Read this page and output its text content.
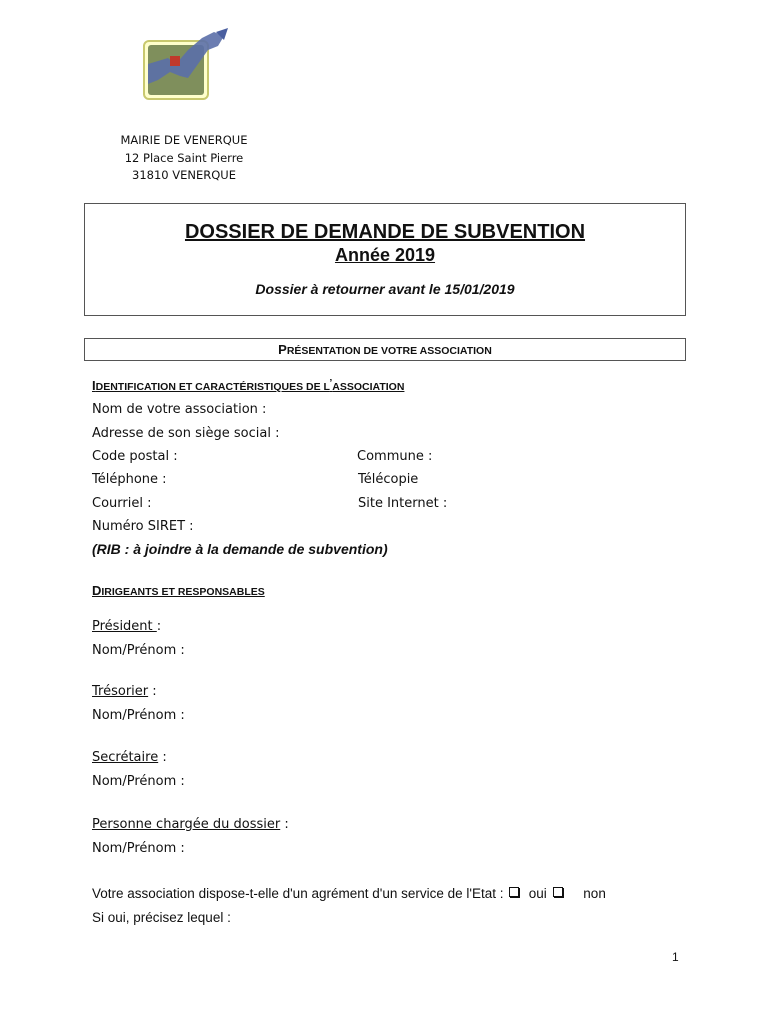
MAIRIE DE VENERQUE
12 Place Saint Pierre
31810 VENERQUE
DOSSIER DE DEMANDE DE SUBVENTION
Année 2019
Dossier à retourner avant le 15/01/2019
PRÉSENTATION DE VOTRE ASSOCIATION
IDENTIFICATION ET CARACTÉRISTIQUES DE L’ASSOCIATION
Nom de votre association :
Adresse de son siège social :
Code postal :	Commune :
Téléphone :	Télécopie
Courriel :	Site Internet :
Numéro SIRET :
(RIB : à joindre à la demande de subvention)
DIRIGEANTS ET RESPONSABLES
Président :
Nom/Prénom :
Trésorier :
Nom/Prénom :
Secrétaire :
Nom/Prénom :
Personne chargée du dossier :
Nom/Prénom :
Votre association dispose-t-elle d'un agrément d'un service de l'Etat : oui	non
Si oui, précisez lequel :
1
